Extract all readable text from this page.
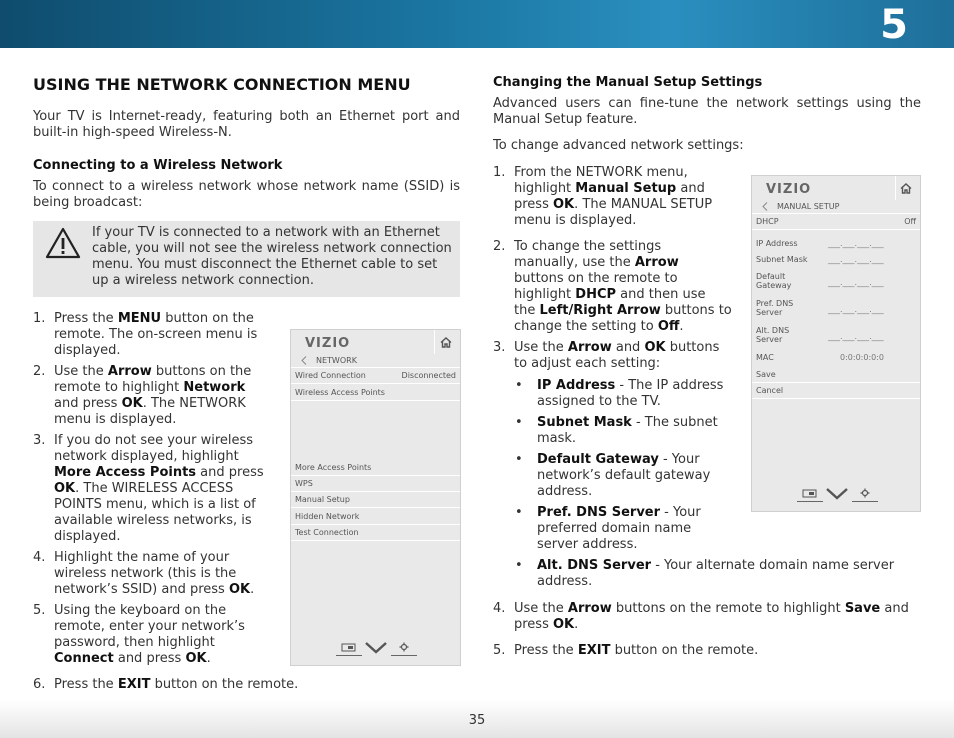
5
35
USING THE NETWORK CONNECTION MENU
Your TV is Internet-ready, featuring both an Ethernet port and built-in high-speed Wireless-N.
Connecting to a Wireless Network
To connect to a wireless network whose network name (SSID) is being broadcast:
If your TV is connected to a network with an Ethernet cable, you will not see the wireless network connection menu. You must disconnect the Ethernet cable to set up a wireless network connection.
1. Press the MENU button on the
remote. The on-screen menu is
displayed.
2. Use the Arrow buttons on the
remote to highlight Network
and press OK. The NETWORK
menu is displayed.
3. If you do not see your wireless
network displayed, highlight
More Access Points and press
OK. The WIRELESS ACCESS
POINTS menu, which is a list of
available wireless networks, is
displayed.
4. Highlight the name of your
wireless network (this is the
network’s SSID) and press OK.
5. Using the keyboard on the
remote, enter your network’s
password, then highlight
Connect and press OK.
6. Press the EXIT button on the remote.
VIZIO
NETWORK
Wired Connection	Disconnected
Wireless Access Points
More Access Points
WPS
Manual Setup
Hidden Network
Test Connection
Changing the Manual Setup Settings
Advanced users can fine-tune the network settings using the Manual Setup feature.
To change advanced network settings:
1. From the NETWORK menu,
highlight Manual Setup and
press OK. The MANUAL SETUP
menu is displayed.
2. To change the settings
manually, use the Arrow
buttons on the remote to
highlight DHCP and then use
the Left/Right Arrow buttons to
change the setting to Off.
3. Use the Arrow and OK buttons
to adjust each setting:
4. Use the Arrow buttons on the remote to highlight Save and
press OK.
5. Press the EXIT button on the remote.
• IP Address - The IP address
assigned to the TV.
• Subnet Mask - The subnet
mask.
• Default Gateway - Your
network’s default gateway
address.
• Pref. DNS Server - Your
preferred domain name
server address.
• Alt. DNS Server - Your alternate domain name server
address.
VIZIO
MANUAL SETUP
DHCP	Off
IP Address	___.___.___.___
Subnet Mask	___.___.___.___
Default
Gateway	___.___.___.___
Pref. DNS
Server	___.___.___.___
Alt. DNS
Server	___.___.___.___
MAC	0:0:0:0:0:0
Save
Cancel
